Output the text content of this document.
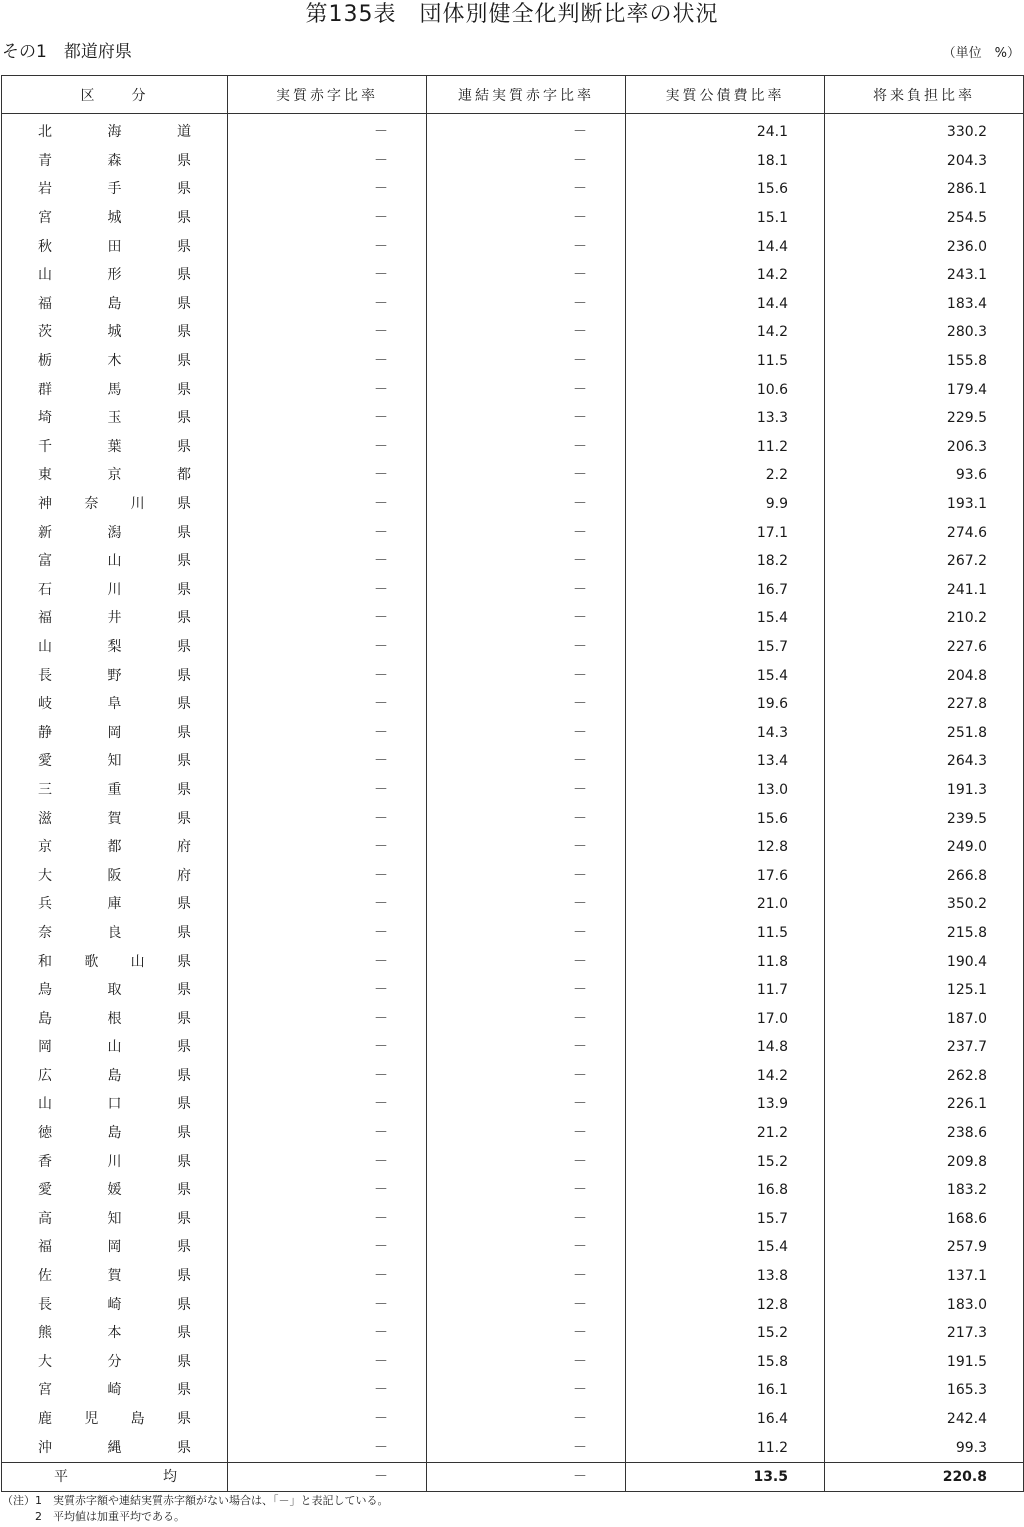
第135表　団体別健全化判断比率の状況
その1　都道府県	（単位　%）
区　　分	実質赤字比率	連結実質赤字比率	実質公債費比率	将来負担比率
北海道	－	－	24.1	330.2
青森県	－	－	18.1	204.3
岩手県	－	－	15.6	286.1
宮城県	－	－	15.1	254.5
秋田県	－	－	14.4	236.0
山形県	－	－	14.2	243.1
福島県	－	－	14.4	183.4
茨城県	－	－	14.2	280.3
栃木県	－	－	11.5	155.8
群馬県	－	－	10.6	179.4
埼玉県	－	－	13.3	229.5
千葉県	－	－	11.2	206.3
東京都	－	－	2.2	93.6
神奈川県	－	－	9.9	193.1
新潟県	－	－	17.1	274.6
富山県	－	－	18.2	267.2
石川県	－	－	16.7	241.1
福井県	－	－	15.4	210.2
山梨県	－	－	15.7	227.6
長野県	－	－	15.4	204.8
岐阜県	－	－	19.6	227.8
静岡県	－	－	14.3	251.8
愛知県	－	－	13.4	264.3
三重県	－	－	13.0	191.3
滋賀県	－	－	15.6	239.5
京都府	－	－	12.8	249.0
大阪府	－	－	17.6	266.8
兵庫県	－	－	21.0	350.2
奈良県	－	－	11.5	215.8
和歌山県	－	－	11.8	190.4
鳥取県	－	－	11.7	125.1
島根県	－	－	17.0	187.0
岡山県	－	－	14.8	237.7
広島県	－	－	14.2	262.8
山口県	－	－	13.9	226.1
徳島県	－	－	21.2	238.6
香川県	－	－	15.2	209.8
愛媛県	－	－	16.8	183.2
高知県	－	－	15.7	168.6
福岡県	－	－	15.4	257.9
佐賀県	－	－	13.8	137.1
長崎県	－	－	12.8	183.0
熊本県	－	－	15.2	217.3
大分県	－	－	15.8	191.5
宮崎県	－	－	16.1	165.3
鹿児島県	－	－	16.4	242.4
沖縄県	－	－	11.2	99.3
平均	－	－	13.5	220.8
（注）1　実質赤字額や連結実質赤字額がない場合は、「－」と表記している。
　　　2　平均値は加重平均である。
